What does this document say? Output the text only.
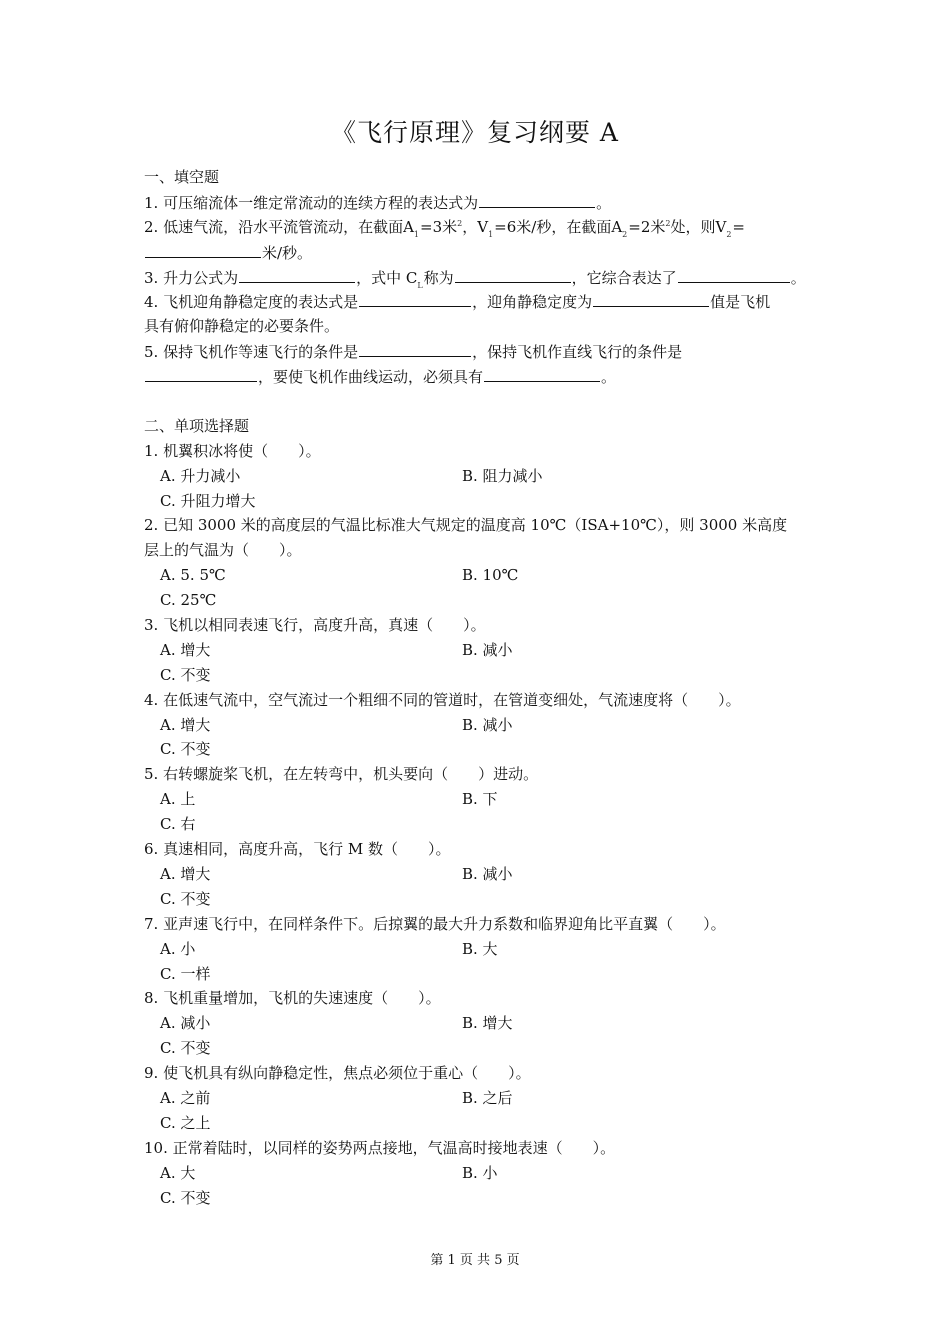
《飞行原理》复习纲要 A
一、填空题
1. 可压缩流体一维定常流动的连续方程的表达式为	。
2. 低速气流，沿水平流管流动，在截面$A_1=3$米$^2$，$V_1=6$米/秒，在截面$A_2=2$米$^2$处，则$V_2=$
米/秒。
3. 升力公式为	，式中 $C_L$称为	，它综合表达了	。
4. 飞机迎角静稳定度的表达式是	，迎角静稳定度为	值是飞机
具有俯仰静稳定的必要条件。
5. 保持飞机作等速飞行的条件是	，保持飞机作直线飞行的条件是
，要使飞机作曲线运动，必须具有	。
二、单项选择题
1. 机翼积冰将使（　　）。
A. 升力减小	B. 阻力减小
C. 升阻力增大
2. 已知 3000 米的高度层的气温比标准大气规定的温度高 10℃（ISA+10℃），则 3000 米高度
层上的气温为（　　）。
A. 5. 5℃	B. 10℃
C. 25℃
3. 飞机以相同表速飞行，高度升高，真速（　　）。
A. 增大	B. 减小
C. 不变
4. 在低速气流中，空气流过一个粗细不同的管道时，在管道变细处，气流速度将（　　）。
A. 增大	B. 减小
C. 不变
5. 右转螺旋桨飞机，在左转弯中，机头要向（　　）进动。
A. 上	B. 下
C. 右
6. 真速相同，高度升高，飞行 M 数（　　）。
A. 增大	B. 减小
C. 不变
7. 亚声速飞行中，在同样条件下。后掠翼的最大升力系数和临界迎角比平直翼（　　）。
A. 小	B. 大
C. 一样
8. 飞机重量增加，飞机的失速速度（　　）。
A. 减小	B. 增大
C. 不变
9. 使飞机具有纵向静稳定性，焦点必须位于重心（　　）。
A. 之前	B. 之后
C. 之上
10. 正常着陆时，以同样的姿势两点接地，气温高时接地表速（　　）。
A. 大	B. 小
C. 不变
第 1 页 共 5 页
